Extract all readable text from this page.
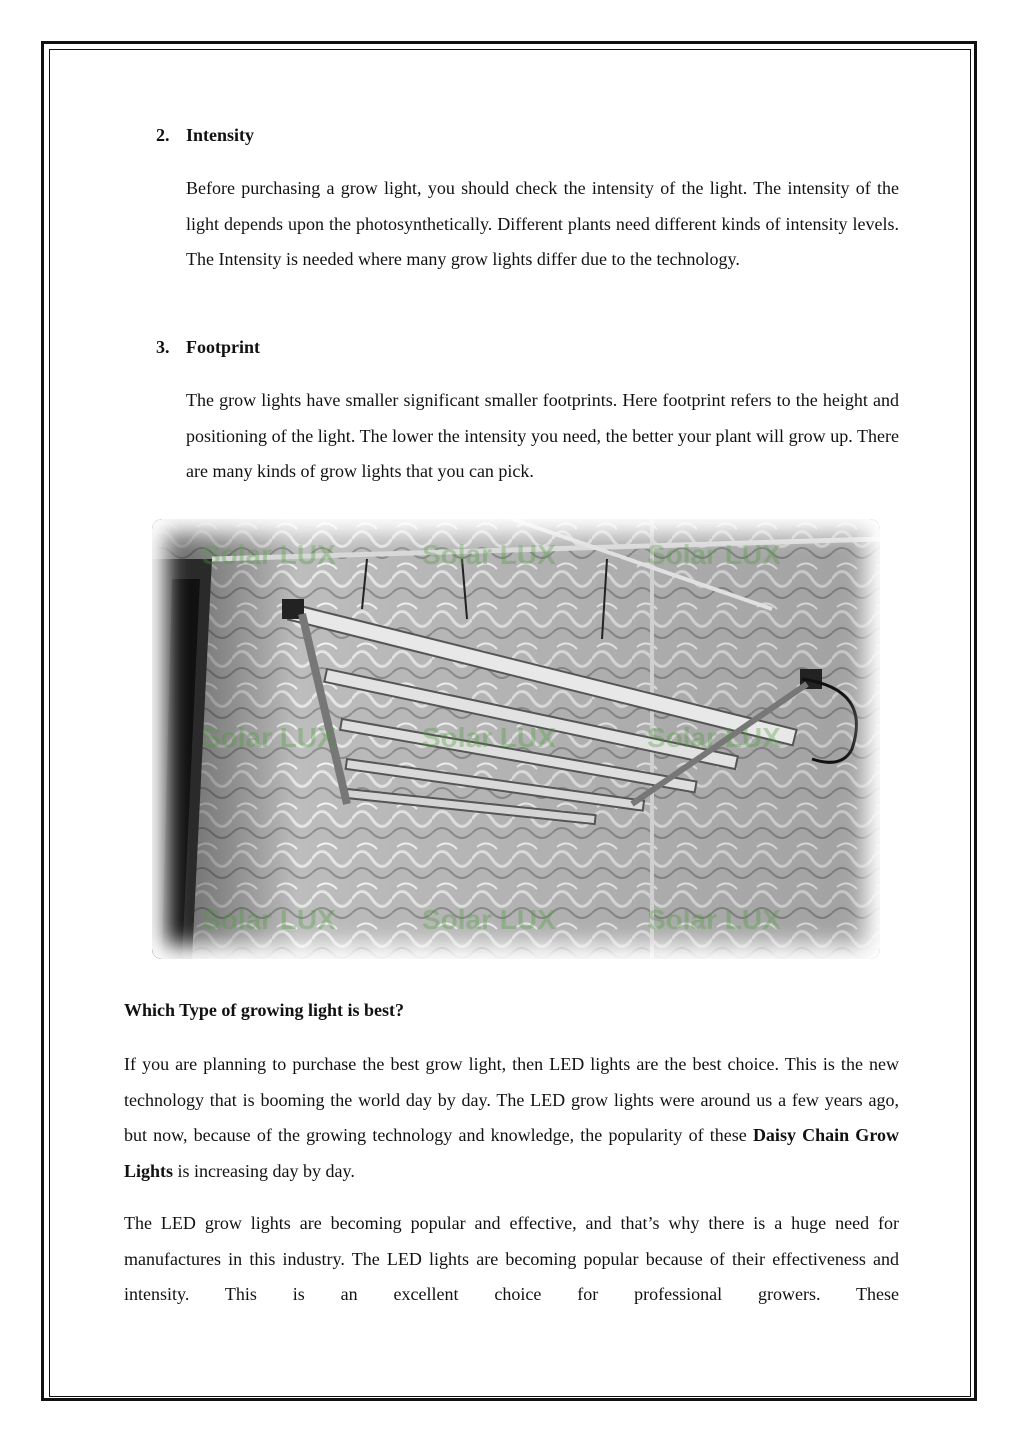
2. Intensity

Before purchasing a grow light, you should check the intensity of the light. The intensity of the light depends upon the photosynthetically. Different plants need different kinds of intensity levels. The Intensity is needed where many grow lights differ due to the technology.

3. Footprint

The grow lights have smaller significant smaller footprints. Here footprint refers to the height and positioning of the light. The lower the intensity you need, the better your plant will grow up. There are many kinds of grow lights that you can pick.

Solar LUX	Solar LUX	Solar LUX
Solar LUX	Solar LUX	Solar LUX
Solar LUX	Solar LUX	Solar LUX
Which Type of growing light is best?

If you are planning to purchase the best grow light, then LED lights are the best choice. This is the new technology that is booming the world day by day. The LED grow lights were around us a few years ago, but now, because of the growing technology and knowledge, the popularity of these Daisy Chain Grow Lights is increasing day by day.

The LED grow lights are becoming popular and effective, and that’s why there is a huge need for manufactures in this industry. The LED lights are becoming popular because of their effectiveness and intensity. This is an excellent choice for professional growers. These
